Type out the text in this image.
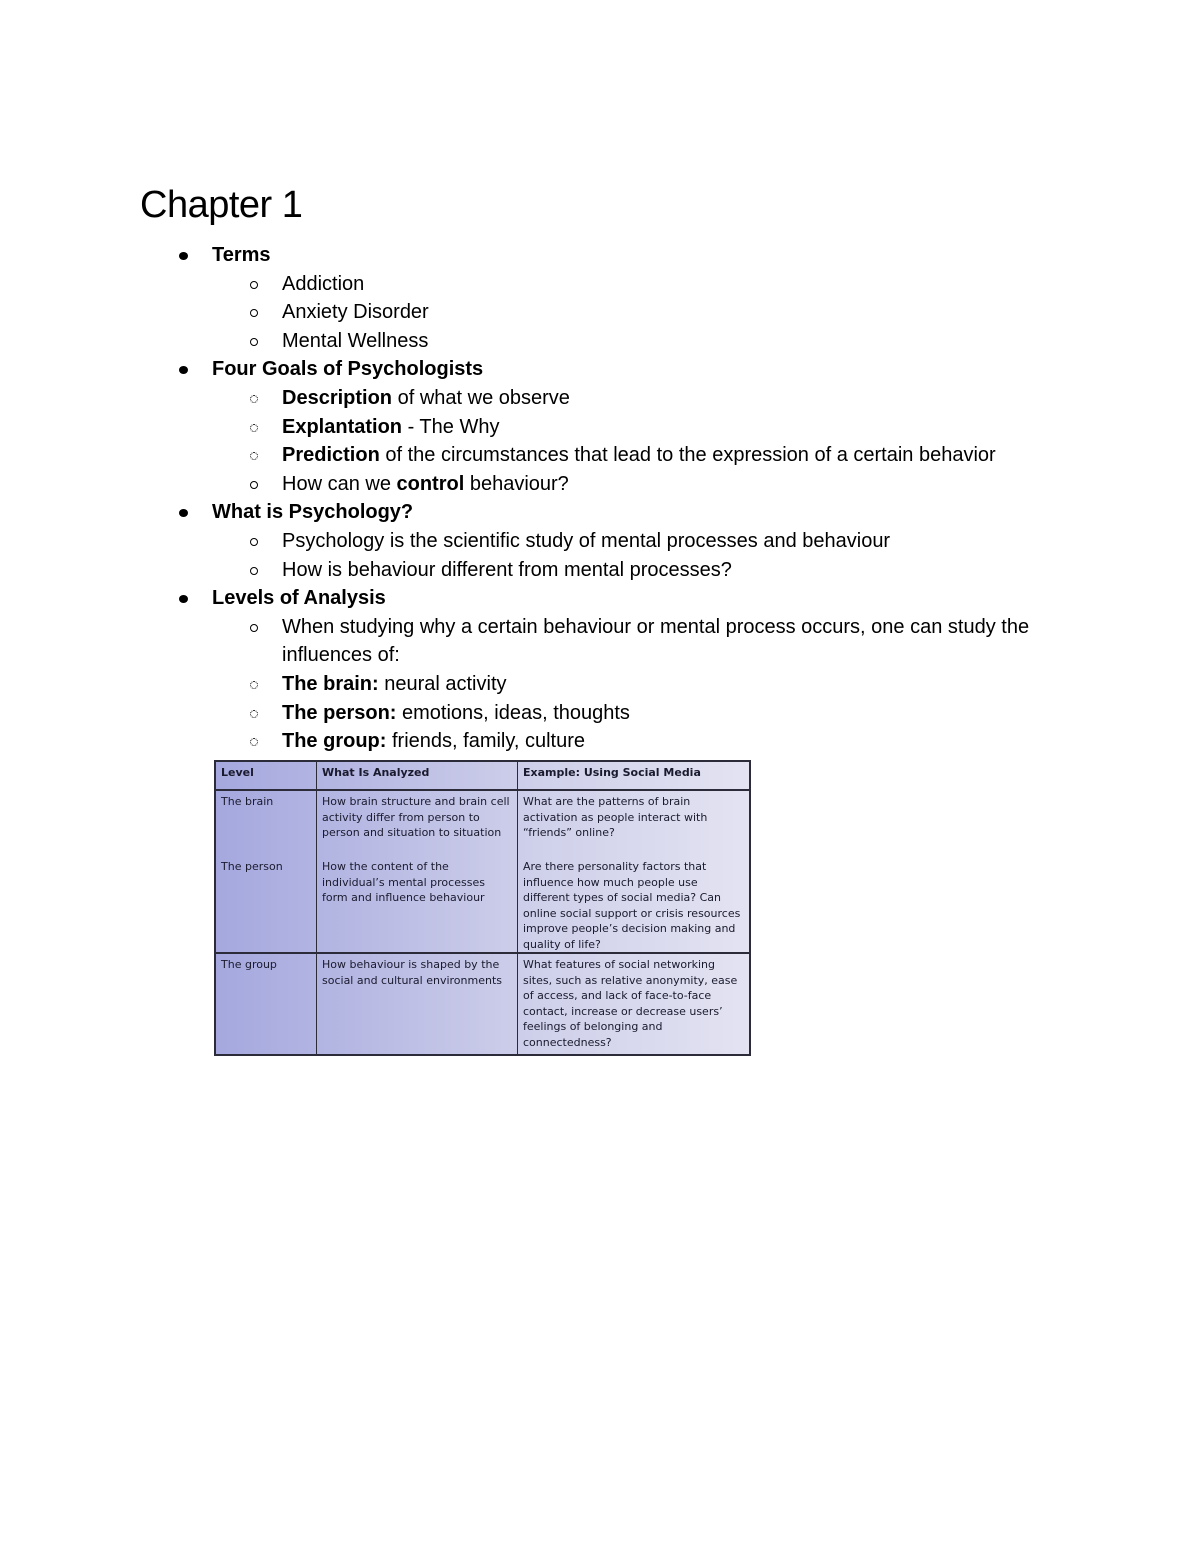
Chapter 1
Terms
Addiction
Anxiety Disorder
Mental Wellness
Four Goals of Psychologists
Description of what we observe
Explantation - The Why
Prediction of the circumstances that lead to the expression of a certain behavior
How can we control behaviour?
What is Psychology?
Psychology is the scientific study of mental processes and behaviour
How is behaviour different from mental processes?
Levels of Analysis
When studying why a certain behaviour or mental process occurs, one can study the influences of:
The brain: neural activity
The person: emotions, ideas, thoughts
The group: friends, family, culture
Level	What Is Analyzed	Example: Using Social Media
The brain	How brain structure and brain cell activity differ from person to person and situation to situation	What are the patterns of brain activation as people interact with “friends” online?
The person	How the content of the individual’s mental processes form and influence behaviour	Are there personality factors that influence how much people use different types of social media? Can online social support or crisis resources improve people’s decision making and quality of life?
The group	How behaviour is shaped by the social and cultural environments	What features of social networking sites, such as relative anonymity, ease of access, and lack of face-to-face contact, increase or decrease users’ feelings of belonging and connectedness?
